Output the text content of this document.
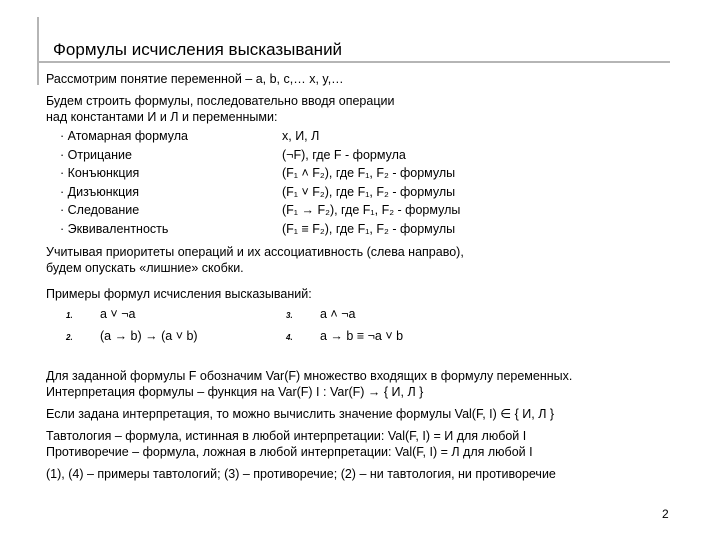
Формулы исчисления высказываний

Рассмотрим понятие переменной – a, b, c,… x, y,…

Будем строить формулы, последовательно вводя операции
над константами И и Л и переменными:

· Атомарная формула	x, И, Л
· Отрицание	(¬F), где F - формула
· Конъюнкция	(F₁ ˄ F₂), где F₁, F₂ - формулы
· Дизъюнкция	(F₁ ˅ F₂), где F₁, F₂ - формулы
· Следование	(F₁ → F₂), где F₁, F₂ - формулы
· Эквивалентность	(F₁ ≡ F₂), где F₁, F₂ - формулы

Учитывая приоритеты операций и их ассоциативность (слева направо),
будем опускать «лишние» скобки.

Примеры формул исчисления высказываний:

1.	a ˅ ¬a	3.	a ˄ ¬a
2.	(a → b) → (a ˅ b)	4.	a → b ≡ ¬a ˅ b

Для заданной формулы F обозначим Var(F) множество входящих в формулу переменных.
Интерпретация формулы – функция на Var(F) I : Var(F) → { И, Л }

Если задана интерпретация, то можно вычислить значение формулы Val(F, I) ∈ { И, Л }

Тавтология – формула, истинная в любой интерпретации: Val(F, I) = И для любой I
Противоречие – формула, ложная в любой интерпретации: Val(F, I) = Л для любой I

(1), (4) – примеры тавтологий; (3) – противоречие; (2) – ни тавтология, ни противоречие

2
